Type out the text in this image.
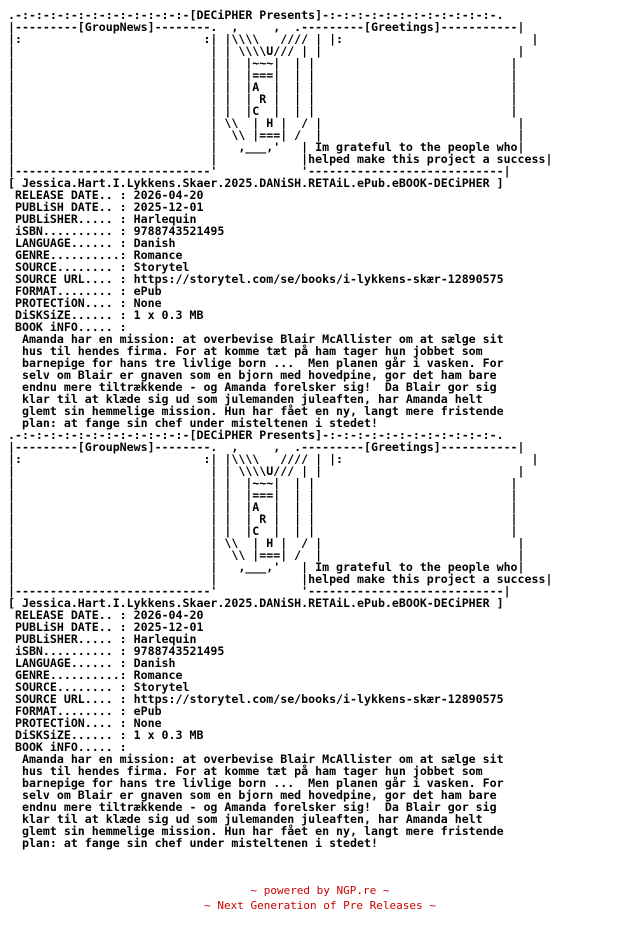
.-:-:-:-:-:-:-:-:-:-:-:-:-[DECiPHER Presents]-:-:-:-:-:-:-:-:-:-:-:-:-.
|---------[GroupNews]--------.  ,     ,  .---------[Greetings]-----------|
|:                          :| |\\\\   //// | |:                           |
|                            | | \\\\U/// | |                            |
|                            | |  |~~~|  | |                            |
|                            | |  |===|  | |                            |
|                            | |  |A  |  | |                            |
|                            | |  | R |  | |                            |
|                            | |  |C  |  | |                            |
|                            | \\  | H |  / |                            |
|                            |  \\ |===| /  |                            |
|                            |   ,___,'   | Im grateful to the people who|
|                            |            |helped make this project a success|
|----------------------------'            '----------------------------|
[ Jessica.Hart.I.Lykkens.Skaer.2025.DANiSH.RETAiL.ePub.eBOOK-DECiPHER ]
RELEASE DATE.. : 2026-04-20
PUBLiSH DATE.. : 2025-12-01
PUBLiSHER..... : Harlequin
iSBN.......... : 9788743521495
LANGUAGE...... : Danish
GENRE..........: Romance
SOURCE........ : Storytel
SOURCE URL.... : https://storytel.com/se/books/i-lykkens-skær-12890575
FORMAT........ : ePub
PROTECTiON.... : None
DiSKSiZE...... : 1 x 0.3 MB
BOOK iNFO..... :
Amanda har en mission: at overbevise Blair McAllister om at sælge sit
hus til hendes firma. For at komme tæt på ham tager hun jobbet som
barnepige for hans tre livlige born ...  Men planen går i vasken. For
selv om Blair er gnaven som en bjorn med hovedpine, gor det ham bare
endnu mere tiltrækkende - og Amanda forelsker sig!  Da Blair gor sig
klar til at klæde sig ud som julemanden juleaften, har Amanda helt
glemt sin hemmelige mission. Hun har fået en ny, langt mere fristende
plan: at fange sin chef under misteltenen i stedet!
.-:-:-:-:-:-:-:-:-:-:-:-:-[DECiPHER Presents]-:-:-:-:-:-:-:-:-:-:-:-:-.
|---------[GroupNews]--------.  ,     ,  .---------[Greetings]-----------|
|:                          :| |\\\\   //// | |:                           |
|                            | | \\\\U/// | |                            |
|                            | |  |~~~|  | |                            |
|                            | |  |===|  | |                            |
|                            | |  |A  |  | |                            |
|                            | |  | R |  | |                            |
|                            | |  |C  |  | |                            |
|                            | \\  | H |  / |                            |
|                            |  \\ |===| /  |                            |
|                            |   ,___,'   | Im grateful to the people who|
|                            |            |helped make this project a success|
|----------------------------'            '----------------------------|
[ Jessica.Hart.I.Lykkens.Skaer.2025.DANiSH.RETAiL.ePub.eBOOK-DECiPHER ]
RELEASE DATE.. : 2026-04-20
PUBLiSH DATE.. : 2025-12-01
PUBLiSHER..... : Harlequin
iSBN.......... : 9788743521495
LANGUAGE...... : Danish
GENRE..........: Romance
SOURCE........ : Storytel
SOURCE URL.... : https://storytel.com/se/books/i-lykkens-skær-12890575
FORMAT........ : ePub
PROTECTiON.... : None
DiSKSiZE...... : 1 x 0.3 MB
BOOK iNFO..... :
Amanda har en mission: at overbevise Blair McAllister om at sælge sit
hus til hendes firma. For at komme tæt på ham tager hun jobbet som
barnepige for hans tre livlige born ...  Men planen går i vasken. For
selv om Blair er gnaven som en bjorn med hovedpine, gor det ham bare
endnu mere tiltrækkende - og Amanda forelsker sig!  Da Blair gor sig
klar til at klæde sig ud som julemanden juleaften, har Amanda helt
glemt sin hemmelige mission. Hun har fået en ny, langt mere fristende
plan: at fange sin chef under misteltenen i stedet!
~ powered by NGP.re ~
~ Next Generation of Pre Releases ~
